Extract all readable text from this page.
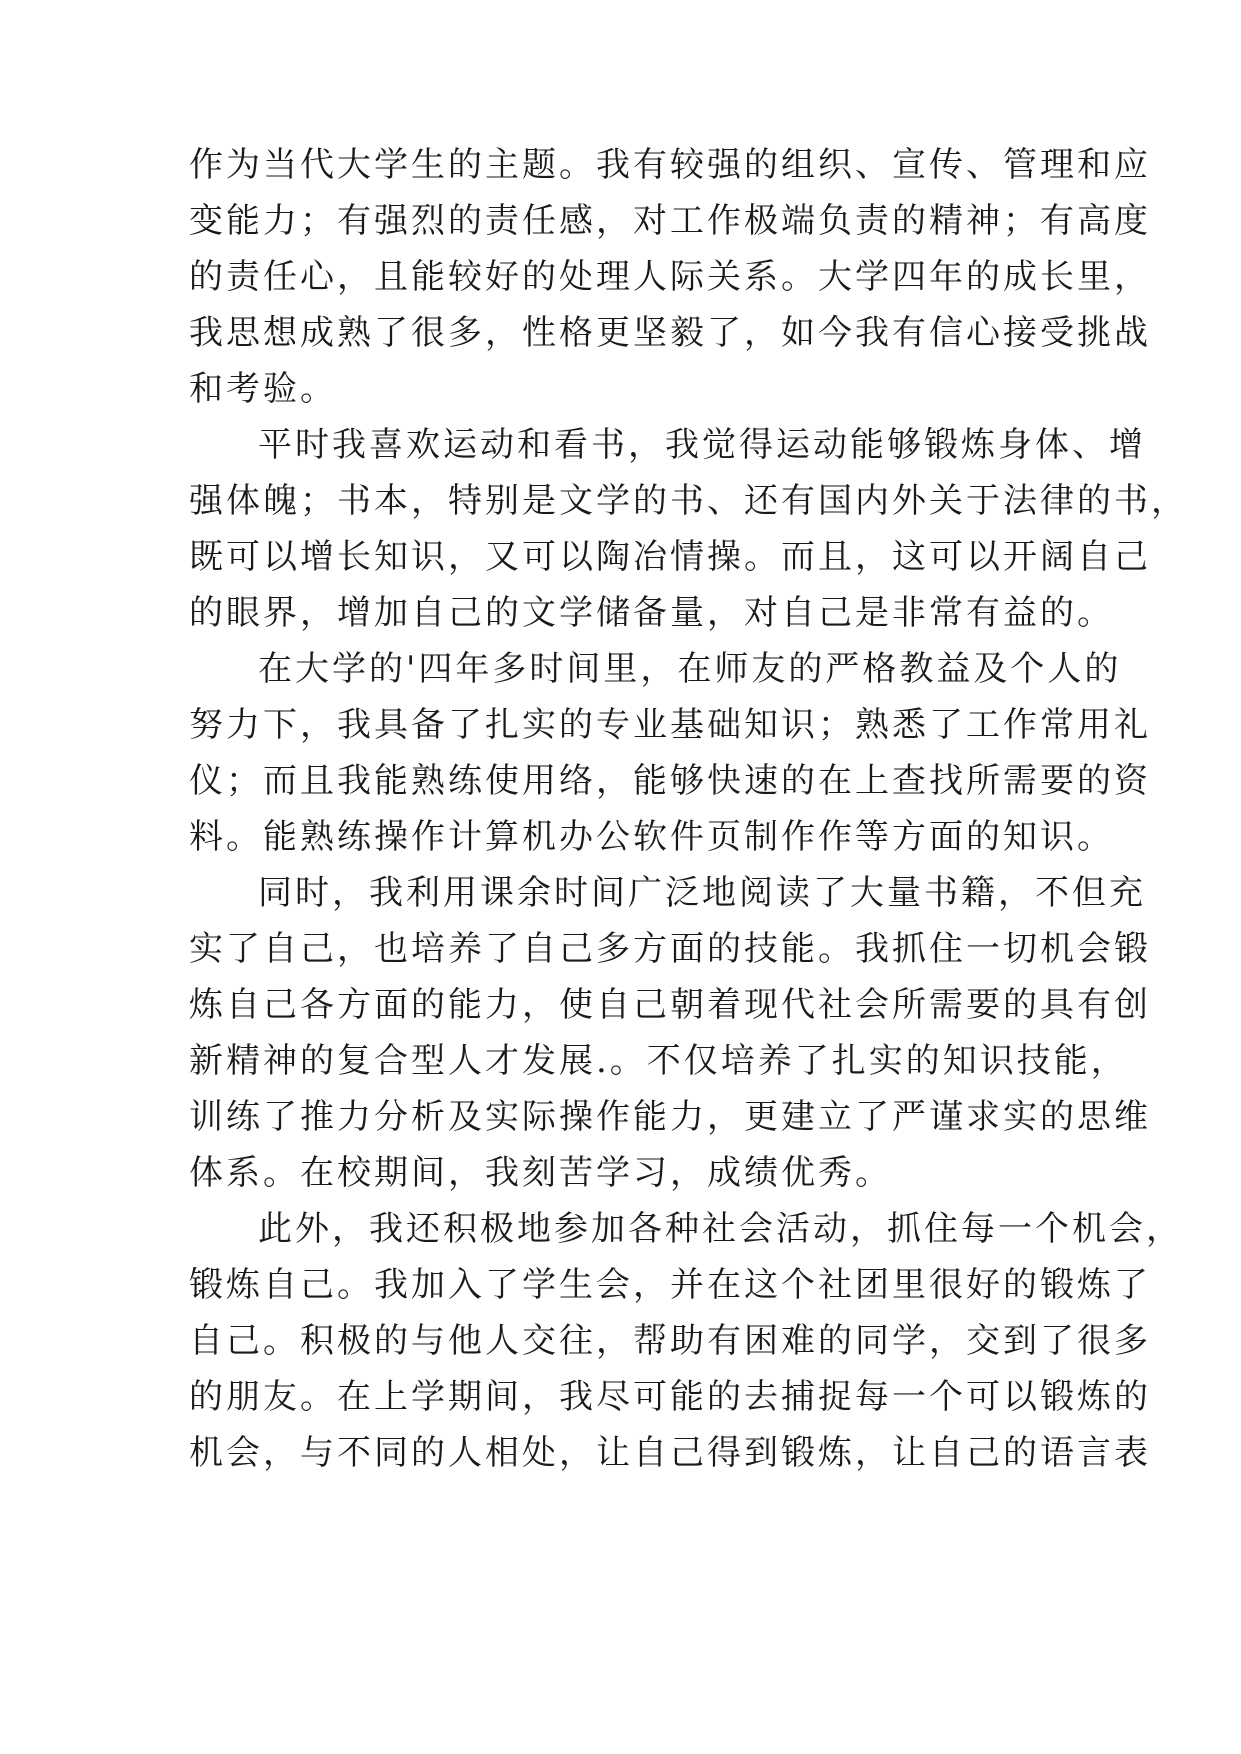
作为当代大学生的主题。我有较强的组织、宣传、管理和应
变能力；有强烈的责任感，对工作极端负责的精神；有高度
的责任心，且能较好的处理人际关系。大学四年的成长里，
我思想成熟了很多，性格更坚毅了，如今我有信心接受挑战
和考验。
平时我喜欢运动和看书，我觉得运动能够锻炼身体、增
强体魄；书本，特别是文学的书、还有国内外关于法律的书，
既可以增长知识，又可以陶冶情操。而且，这可以开阔自己
的眼界，增加自己的文学储备量，对自己是非常有益的。
在大学的'四年多时间里，在师友的严格教益及个人的
努力下，我具备了扎实的专业基础知识；熟悉了工作常用礼
仪；而且我能熟练使用络，能够快速的在上查找所需要的资
料。能熟练操作计算机办公软件页制作作等方面的知识。
同时，我利用课余时间广泛地阅读了大量书籍，不但充
实了自己，也培养了自己多方面的技能。我抓住一切机会锻
炼自己各方面的能力，使自己朝着现代社会所需要的具有创
新精神的复合型人才发展.。不仅培养了扎实的知识技能，
训练了推力分析及实际操作能力，更建立了严谨求实的思维
体系。在校期间，我刻苦学习，成绩优秀。
此外，我还积极地参加各种社会活动，抓住每一个机会，
锻炼自己。我加入了学生会，并在这个社团里很好的锻炼了
自己。积极的与他人交往，帮助有困难的同学，交到了很多
的朋友。在上学期间，我尽可能的去捕捉每一个可以锻炼的
机会，与不同的人相处，让自己得到锻炼，让自己的语言表
